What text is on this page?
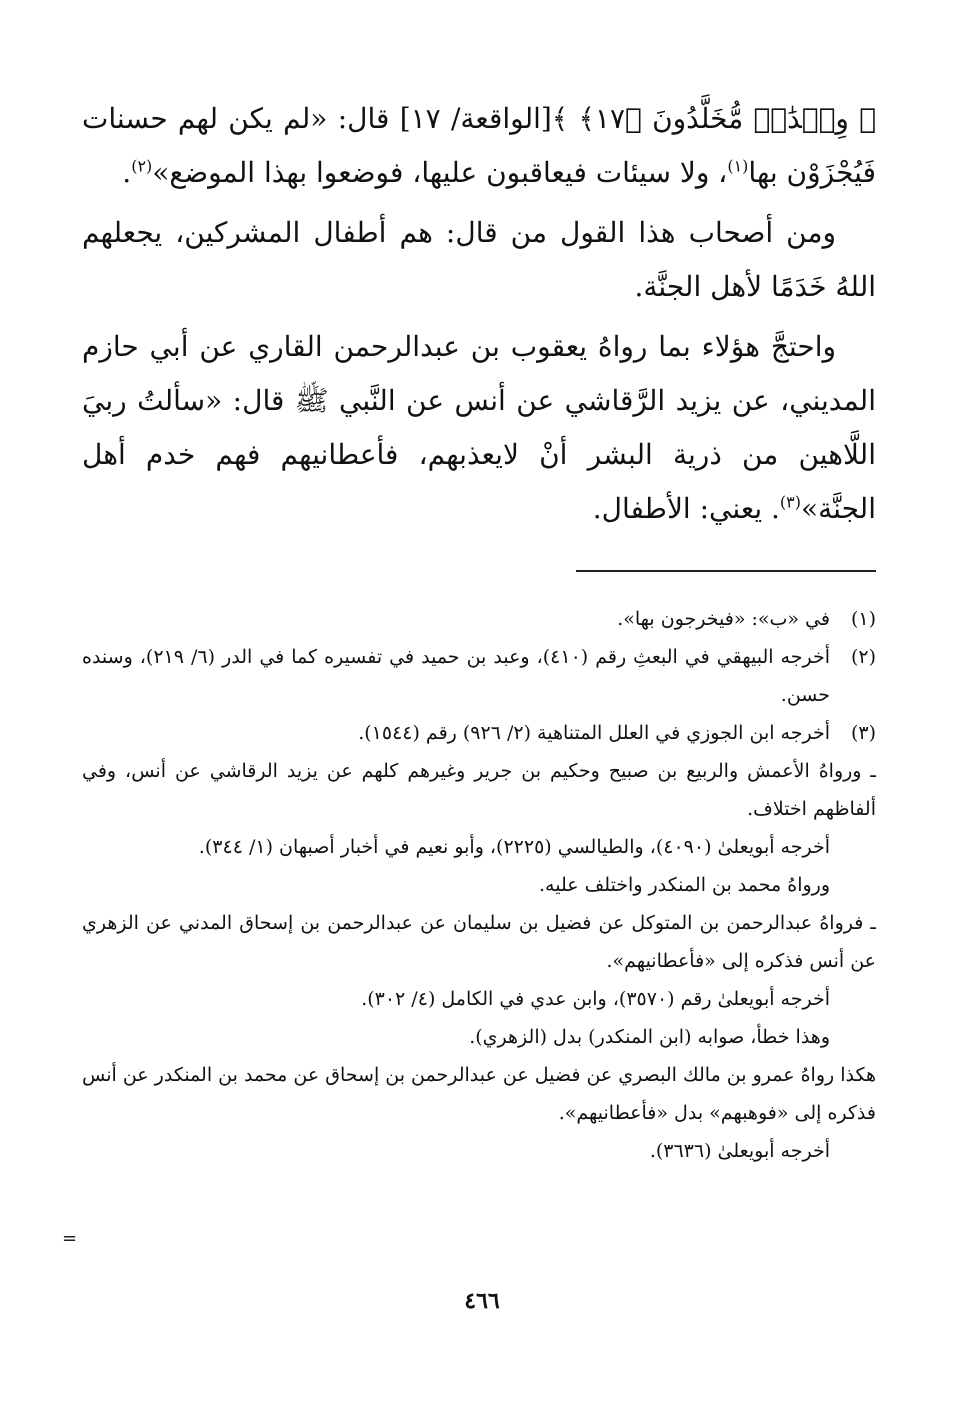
﴿ وِلۡدَٰنٞ مُّخَلَّدُونَ ﴿١٧﴾ ﴾[الواقعة/ ١٧] قال: «لم يكن لهم حسنات فَيُجْزَوْن بها$^{(١)}$، ولا سيئات فيعاقبون عليها، فوضعوا بهذا الموضع»$^{(٢)}$.

ومن أصحاب هذا القول من قال: هم أطفال المشركين، يجعلهم اللهُ خَدَمًا لأهل الجنَّة.

واحتجَّ هؤلاء بما رواهُ يعقوب بن عبدالرحمن القاري عن أبي حازم المديني، عن يزيد الرَّقاشي عن أنس عن النَّبي ﷺ قال: «سألتُ ربيَ اللَّاهين من ذرية البشر أنْ لايعذبهم، فأعطانيهم فهم خدم أهل الجنَّة»$^{(٣)}$. يعني: الأطفال.

(١)

في «ب»: «فيخرجون بها».

(٢)

أخرجه البيهقي في البعثِ رقم (٤١٠)، وعبد بن حميد في تفسيره كما في الدر (٦/ ٢١٩)، وسنده حسن.

(٣)

أخرجه ابن الجوزي في العلل المتناهية (٢/ ٩٢٦) رقم (١٥٤٤).

ـ ورواهُ الأعمش والربيع بن صبيح وحكيم بن جرير وغيرهم كلهم عن يزيد الرقاشي عن أنس، وفي ألفاظهم اختلاف.

أخرجه أبويعلىٰ (٤٠٩٠)، والطيالسي (٢٢٢٥)، وأبو نعيم في أخبار أصبهان (١/ ٣٤٤).

ورواهُ محمد بن المنكدر واختلف عليه.

ـ فرواهُ عبدالرحمن بن المتوكل عن فضيل بن سليمان عن عبدالرحمن بن إسحاق المدني عن الزهري عن أنس فذكره إلى «فأعطانيهم».

أخرجه أبويعلىٰ رقم (٣٥٧٠)، وابن عدي في الكامل (٤/ ٣٠٢).

وهذا خطأ، صوابه (ابن المنكدر) بدل (الزهري).

هكذا رواهُ عمرو بن مالك البصري عن فضيل عن عبدالرحمن بن إسحاق عن محمد بن المنكدر عن أنس فذكره إلى «فوهبهم» بدل «فأعطانيهم».

أخرجه أبويعلىٰ (٣٦٣٦).

=
٤٦٦
